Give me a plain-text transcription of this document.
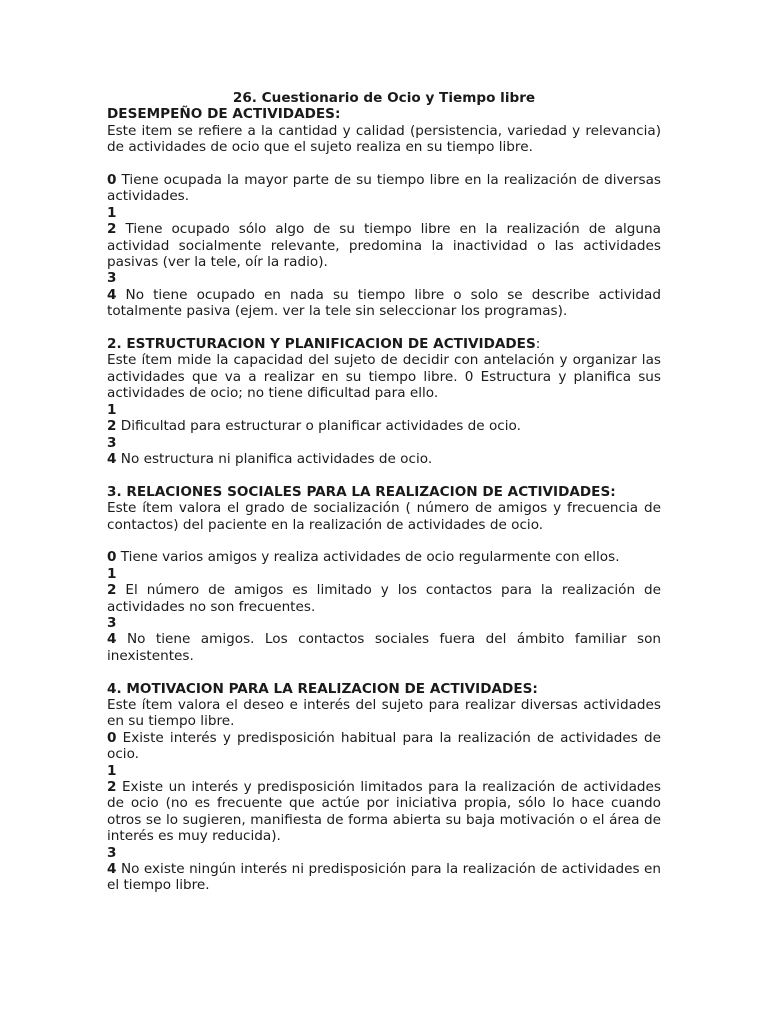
26. Cuestionario de Ocio y Tiempo libre
DESEMPEÑO DE ACTIVIDADES:
Este item se refiere a la cantidad y calidad (persistencia, variedad y relevancia) de actividades de ocio que el sujeto realiza en su tiempo libre.
0 Tiene ocupada la mayor parte de su tiempo libre en la realización de diversas actividades.
1
2 Tiene ocupado sólo algo de su tiempo libre en la realización de alguna actividad socialmente relevante, predomina la inactividad o las actividades pasivas (ver la tele, oír la radio).
3
4 No tiene ocupado en nada su tiempo libre o solo se describe actividad totalmente pasiva (ejem. ver la tele sin seleccionar los programas).
2. ESTRUCTURACION Y PLANIFICACION DE ACTIVIDADES:
Este ítem mide la capacidad del sujeto de decidir con antelación y organizar las actividades que va a realizar en su tiempo libre. 0 Estructura y planifica sus actividades de ocio; no tiene dificultad para ello.
1
2 Dificultad para estructurar o planificar actividades de ocio.
3
4 No estructura ni planifica actividades de ocio.
3. RELACIONES SOCIALES PARA LA REALIZACION DE ACTIVIDADES:
Este ítem valora el grado de socialización ( número de amigos y frecuencia de contactos) del paciente en la realización de actividades de ocio.
0 Tiene varios amigos y realiza actividades de ocio regularmente con ellos.
1
2 El número de amigos es limitado y los contactos para la realización de actividades no son frecuentes.
3
4 No tiene amigos. Los contactos sociales fuera del ámbito familiar son inexistentes.
4. MOTIVACION PARA LA REALIZACION DE ACTIVIDADES:
Este ítem valora el deseo e interés del sujeto para realizar diversas actividades en su tiempo libre.
0 Existe interés y predisposición habitual para la realización de actividades de ocio.
1
2 Existe un interés y predisposición limitados para la realización de actividades de ocio (no es frecuente que actúe por iniciativa propia, sólo lo hace cuando otros se lo sugieren, manifiesta de forma abierta su baja motivación o el área de interés es muy reducida).
3
4 No existe ningún interés ni predisposición para la realización de actividades en el tiempo libre.
